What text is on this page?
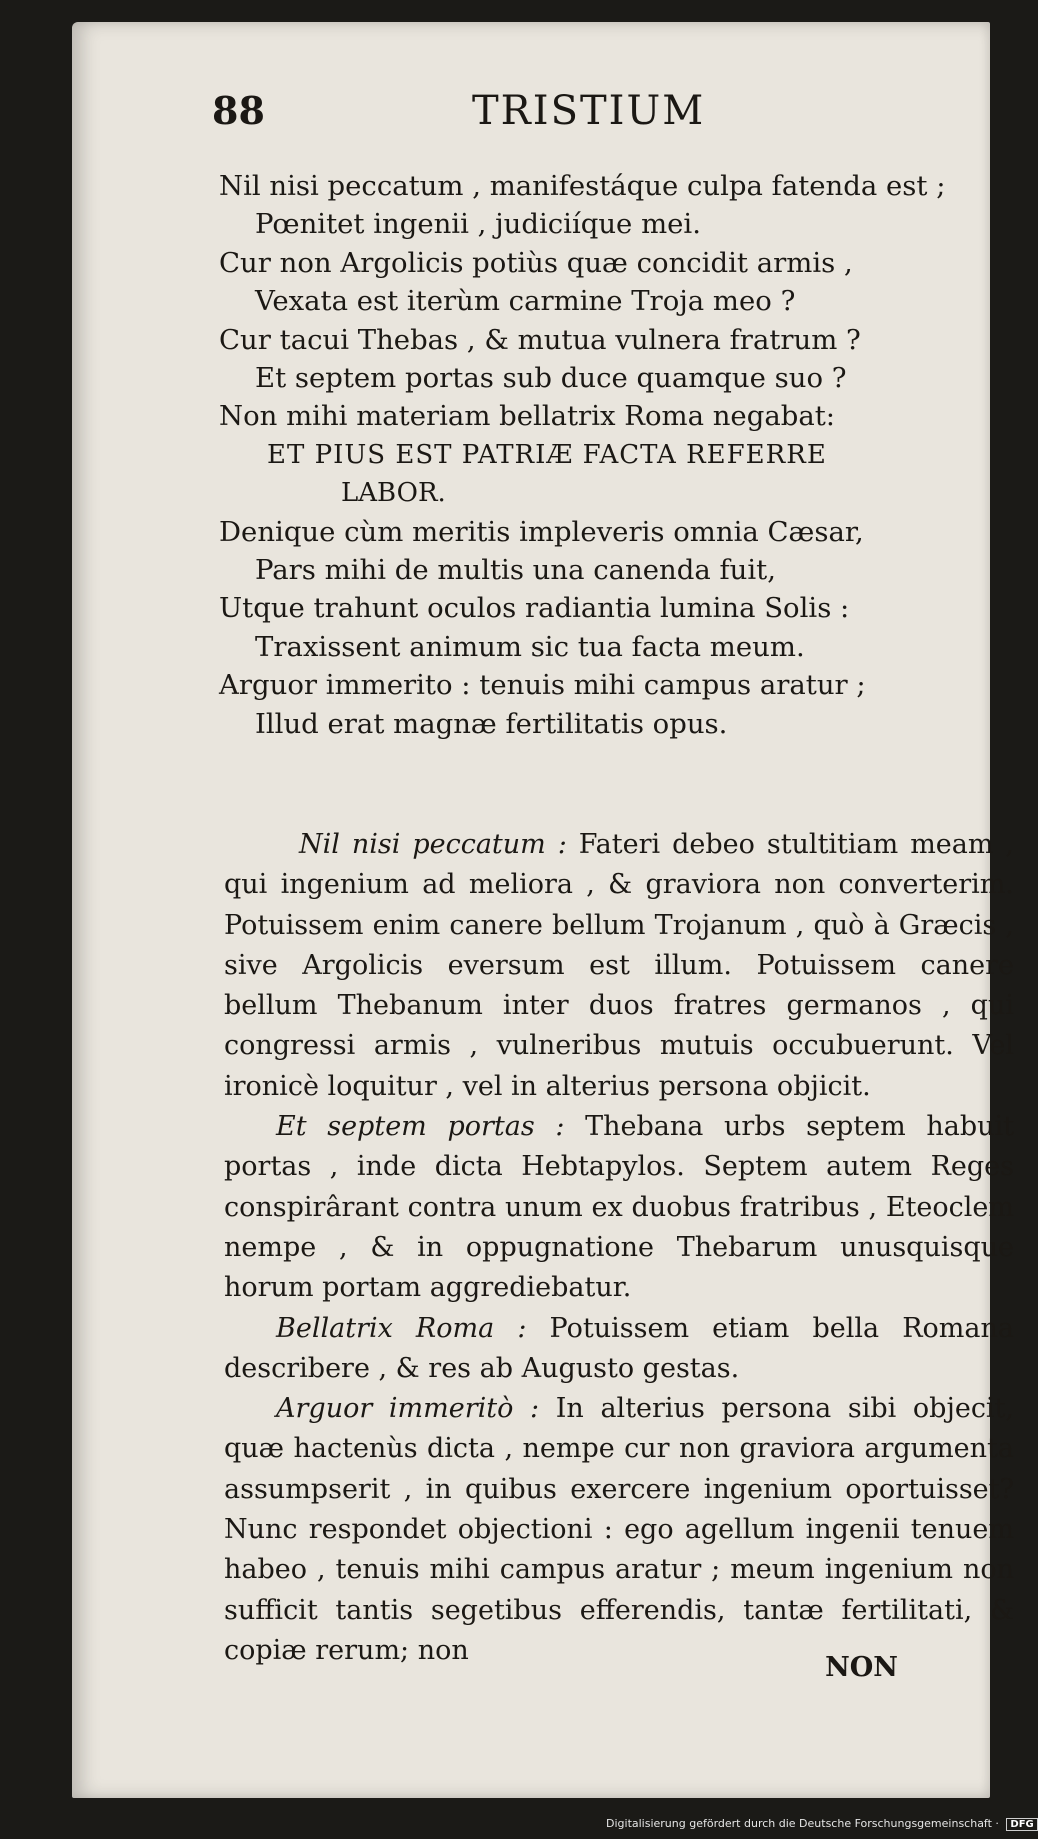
88	TRISTIUM
Nil nisi peccatum , manifestáque culpa fatenda est ;
Pœnitet ingenii , judiciíque mei.
Cur non Argolicis potiùs quæ concidit armis ,
Vexata est iterùm carmine Troja meo ?
Cur tacui Thebas , & mutua vulnera fratrum ?
Et septem portas sub duce quamque suo ?
Non mihi materiam bellatrix Roma negabat:
ET PIUS EST PATRIÆ FACTA REFERRE
LABOR.
Denique cùm meritis impleveris omnia Cæsar,
Pars mihi de multis una canenda fuit,
Utque trahunt oculos radiantia lumina Solis :
Traxissent animum sic tua facta meum.
Arguor immerito : tenuis mihi campus aratur ;
Illud erat magnæ fertilitatis opus.

Nil nisi peccatum : Fateri debeo stultitiam meam , qui ingenium ad meliora , & graviora non converterim. Potuissem enim canere bellum Trojanum , quò à Græcis , sive Argolicis eversum est illum. Potuissem canere bellum Thebanum inter duos fratres germanos , qui congressi armis , vulneribus mutuis occubuerunt. Vel ironicè loquitur , vel in alterius persona objicit.

Et septem portas : Thebana urbs septem habuit portas , inde dicta Hebtapylos. Septem autem Reges conspirârant contra unum ex duobus fratribus , Eteoclem nempe , & in oppugnatione Thebarum unusquisque horum portam aggrediebatur.

Bellatrix Roma : Potuissem etiam bella Romana describere , & res ab Augusto gestas.

Arguor immeritò : In alterius persona sibi objecit, quæ hactenùs dicta , nempe cur non graviora argumenta assumpserit , in quibus exercere ingenium oportuisset? Nunc respondet objectioni : ego agellum ingenii tenuem habeo , tenuis mihi campus aratur ; meum ingenium non sufficit tantis segetibus efferendis, tantæ fertilitati, & copiæ rerum; non

NON
Digitalisierung gefördert durch die Deutsche Forschungsgemeinschaft · DFG
